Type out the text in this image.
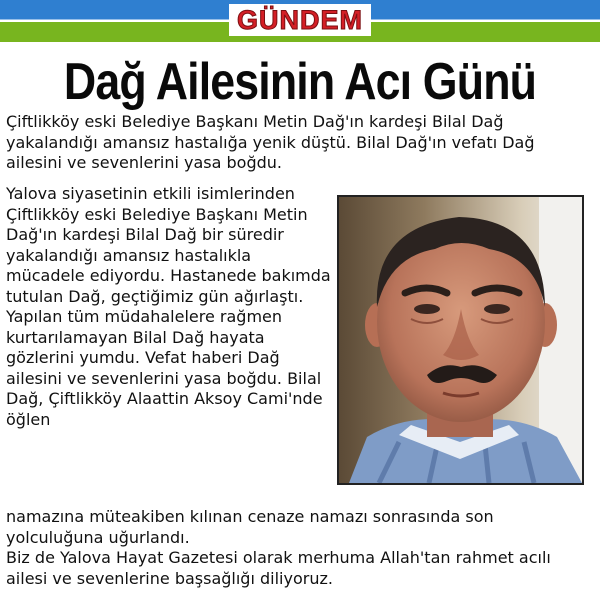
GÜNDEM
Dağ Ailesinin Acı Günü

Çiftlikköy eski Belediye Başkanı Metin Dağ'ın kardeşi Bilal Dağ yakalandığı amansız hastalığa yenik düştü. Bilal Dağ'ın vefatı Dağ ailesini ve sevenlerini yasa boğdu.

Yalova siyasetinin etkili isimlerinden Çiftlikköy eski Belediye Başkanı Metin Dağ'ın kardeşi Bilal Dağ bir süredir yakalandığı amansız hastalıkla mücadele ediyordu. Hastanede bakımda tutulan Dağ, geçtiğimiz gün ağırlaştı. Yapılan tüm müdahalelere rağmen kurtarılamayan Bilal Dağ hayata gözlerini yumdu. Vefat haberi Dağ ailesini ve sevenlerini yasa boğdu. Bilal Dağ, Çiftlikköy Alaattin Aksoy Cami'nde öğlen

namazına müteakiben kılınan cenaze namazı sonrasında son yolculuğuna uğurlandı.

Biz de Yalova Hayat Gazetesi olarak merhuma Allah'tan rahmet acılı ailesi ve sevenlerine başsağlığı diliyoruz.
